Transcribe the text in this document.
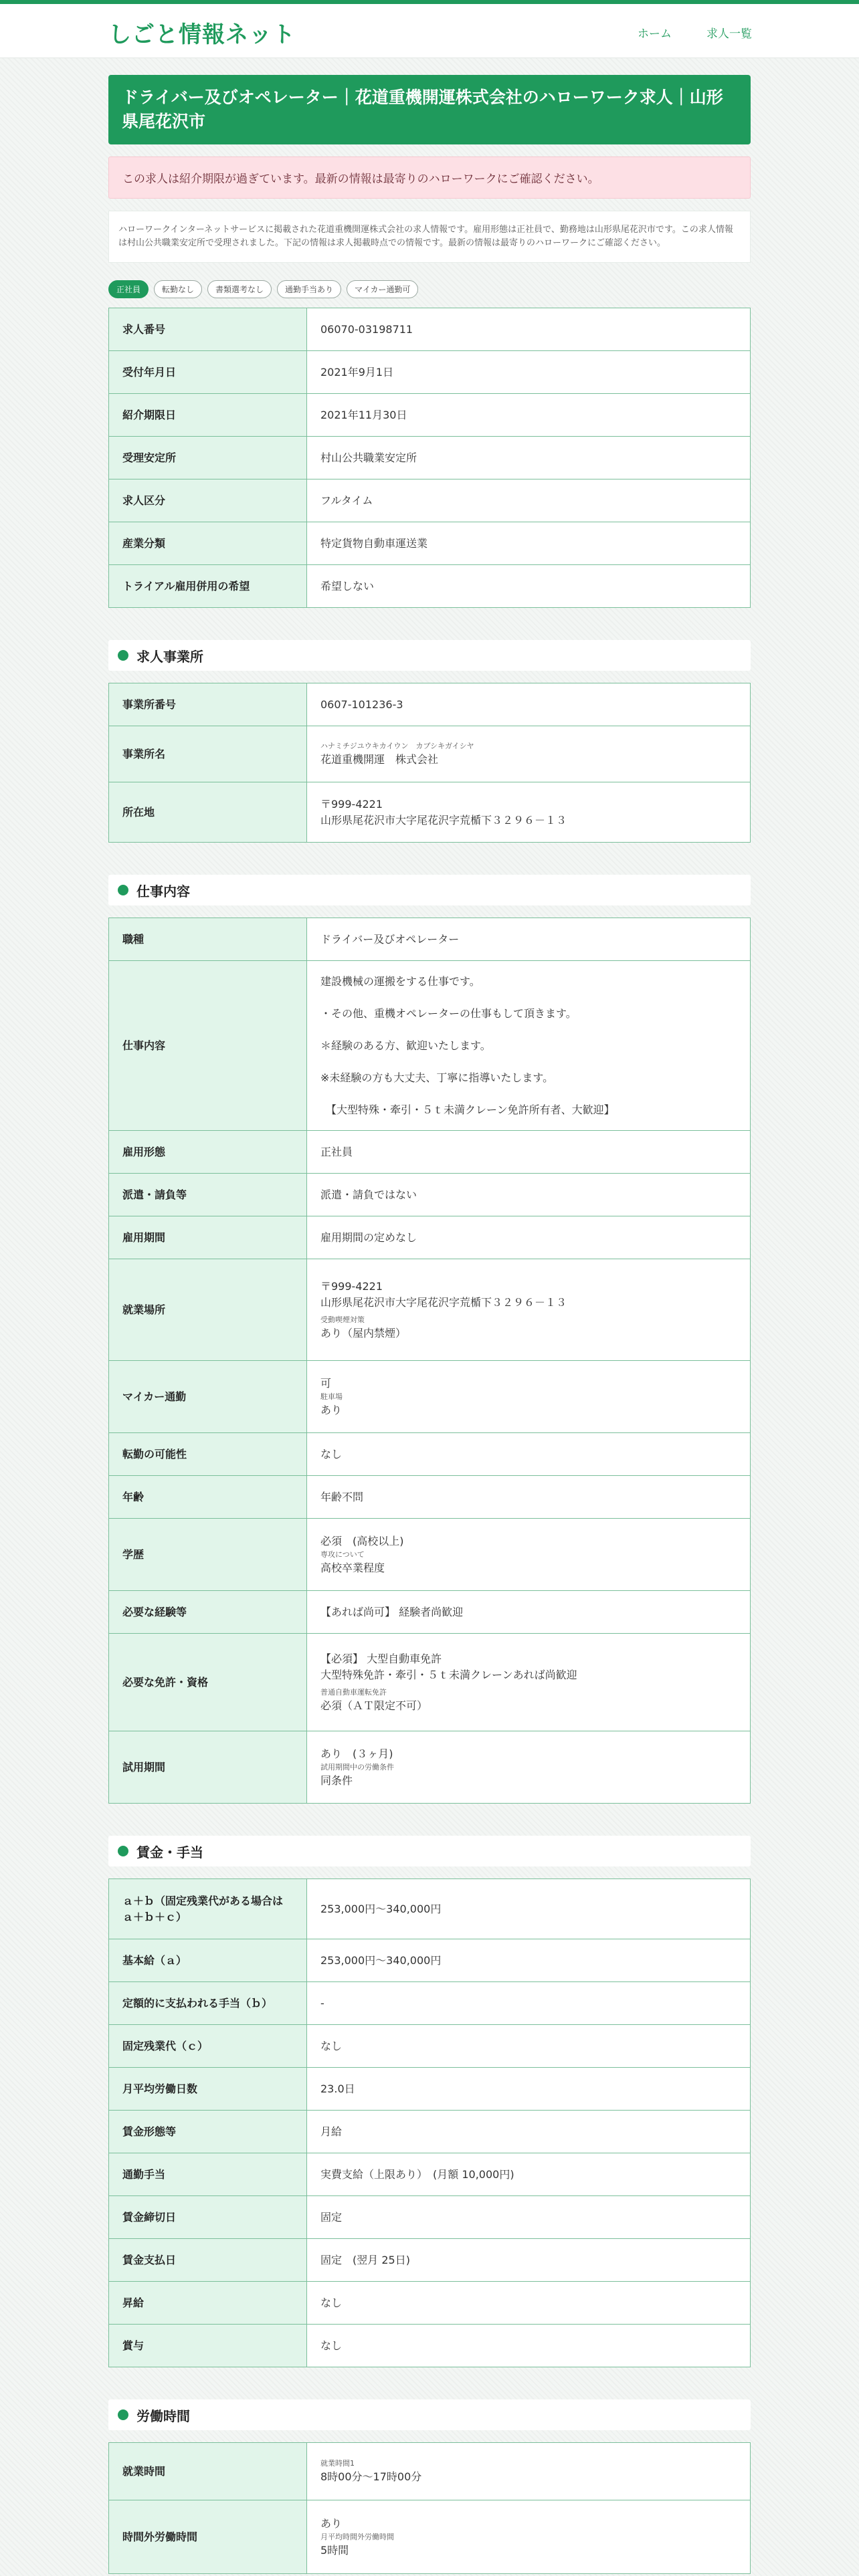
しごと情報ネット	ホーム	求人一覧
ドライバー及びオペレーター｜花道重機開運株式会社のハローワーク求人｜山形県尾花沢市
この求人は紹介期限が過ぎています。最新の情報は最寄りのハローワークにご確認ください。
ハローワークインターネットサービスに掲載された花道重機開運株式会社の求人情報です。雇用形態は正社員で、勤務地は山形県尾花沢市です。この求人情報は村山公共職業安定所で受理されました。下記の情報は求人掲載時点での情報です。最新の情報は最寄りのハローワークにご確認ください。
正社員	転勤なし	書類選考なし	通勤手当あり	マイカー通勤可
求人番号	06070-03198711
受付年月日	2021年9月1日
紹介期限日	2021年11月30日
受理安定所	村山公共職業安定所
求人区分	フルタイム
産業分類	特定貨物自動車運送業
トライアル雇用併用の希望	希望しない
求人事業所
事業所番号	0607-101236-3
事業所名	ハナミチジユウキカイウン　カブシキガイシヤ
花道重機開運　株式会社
所在地	〒999-4221
山形県尾花沢市大字尾花沢字荒楯下３２９６－１３
仕事内容
職種	ドライバー及びオペレーター
仕事内容	建設機械の運搬をする仕事です。

・その他、重機オペレーターの仕事もして頂きます。

＊経験のある方、歓迎いたします。

※未経験の方も大丈夫、丁寧に指導いたします。

　【大型特殊・牽引・５ｔ未満クレーン免許所有者、大歓迎】

雇用形態	正社員
派遣・請負等	派遣・請負ではない
雇用期間	雇用期間の定めなし
就業場所	〒999-4221
山形県尾花沢市大字尾花沢字荒楯下３２９６－１３
受動喫煙対策
あり（屋内禁煙）

マイカー通勤	可
駐車場
あり

転勤の可能性	なし
年齢	年齢不問
学歴	必須　(高校以上)
専攻について
高校卒業程度

必要な経験等	【あれば尚可】 経験者尚歓迎
必要な免許・資格	【必須】 大型自動車免許
大型特殊免許・牽引・５ｔ未満クレーンあれば尚歓迎
普通自動車運転免許
必須（ＡＴ限定不可）

試用期間	あり　(３ヶ月)
試用期間中の労働条件
同条件
賃金・手当
ａ＋ｂ（固定残業代がある場合はａ＋ｂ＋ｃ）	253,000円〜340,000円
基本給（ａ）	253,000円〜340,000円
定額的に支払われる手当（ｂ）	-
固定残業代（ｃ）	なし
月平均労働日数	23.0日
賃金形態等	月給
通勤手当	実費支給（上限あり）　(月額 10,000円)
賃金締切日	固定
賃金支払日	固定　(翌月 25日)
昇給	なし
賞与	なし
労働時間
就業時間	就業時間1
8時00分〜17時00分

時間外労働時間	あり
月平均時間外労働時間
5時間
